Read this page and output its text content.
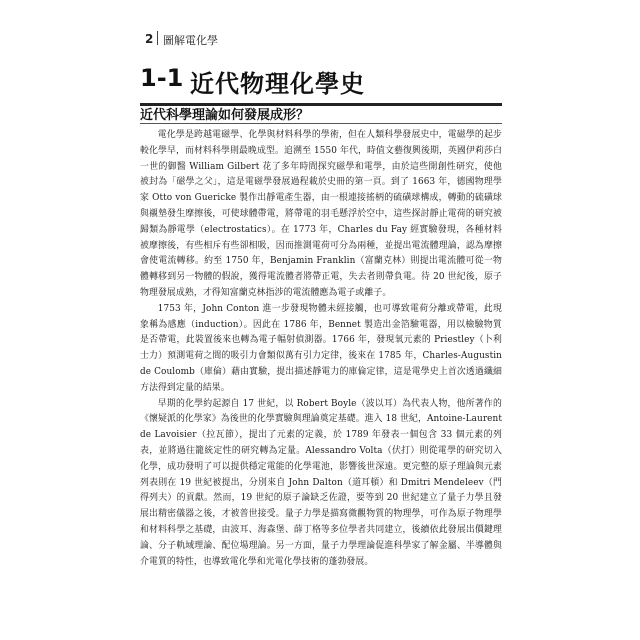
2 圖解電化學
1-1 近代物理化學史
近代科學理論如何發展成形？

電化學是跨越電磁學、化學與材料科學的學術，但在人類科學發展史中，電磁學的起步較化學早，而材料科學則最晚成型。追溯至 1550 年代，時值文藝復興後期，英國伊莉莎白一世的御醫 William Gilbert 花了多年時間探究磁學和電學，由於這些開創性研究，使他被封為「磁學之父」，這是電磁學發展過程載於史冊的第一頁。到了 1663 年，德國物理學家 Otto von Guericke 製作出靜電產生器，由一根連接搖柄的硫磺球構成，轉動的硫磺球與襯墊發生摩擦後，可使球體帶電，將帶電的羽毛懸浮於空中，這些探討靜止電荷的研究被歸類為靜電學（electrostatics）。在 1773 年，Charles du Fay 經實驗發現，各種材料被摩擦後，有些相斥有些卻相吸，因而推測電荷可分為兩種，並提出電流體理論，認為摩擦會使電流轉移。約至 1750 年，Benjamin Franklin（富蘭克林）則提出電流體可從一物體轉移到另一物體的假說，獲得電流體者將帶正電，失去者則帶負電。待 20 世紀後，原子物理發展成熟，才得知富蘭克林指涉的電流體應為電子或離子。

1753 年，John Conton 進一步發現物體未經接觸，也可導致電荷分離或帶電，此現象稱為感應（induction）。因此在 1786 年，Bennet 製造出金箔驗電器，用以檢驗物質是否帶電，此裝置後來也轉為電子幅射偵測器。1766 年，發現氧元素的 Priestley（卜利士力）預測電荷之間的吸引力會類似萬有引力定律，後來在 1785 年，Charles-Augustin de Coulomb（庫倫）藉由實驗，提出描述靜電力的庫倫定律，這是電學史上首次透過纖細方法得到定量的結果。

早期的化學約起源自 17 世紀，以 Robert Boyle（波以耳）為代表人物，他所著作的《懷疑派的化學家》為後世的化學實驗與理論奠定基礎。進入 18 世紀，Antoine-Laurent de Lavoisier（拉瓦節），提出了元素的定義，於 1789 年發表一個包含 33 個元素的列表，並將過往籠統定性的研究轉為定量。Alessandro Volta（伏打）則從電學的研究切入化學，成功發明了可以提供穩定電能的化學電池，影響後世深遠。更完整的原子理論與元素列表則在 19 世紀被提出，分別來自 John Dalton（道耳頓）和 Dmitri Mendeleev（門得列夫）的貢獻。然而，19 世紀的原子論缺乏佐證，要等到 20 世紀建立了量子力學且發展出精密儀器之後，才被普世接受。量子力學是描寫微觀物質的物理學，可作為原子物理學和材料科學之基礎，由波耳、海森堡、薛丁格等多位學者共同建立，後續依此發展出價鍵理論、分子軌域理論、配位場理論。另一方面，量子力學理論促進科學家了解金屬、半導體與介電質的特性，也導致電化學和光電化學技術的蓬勃發展。
